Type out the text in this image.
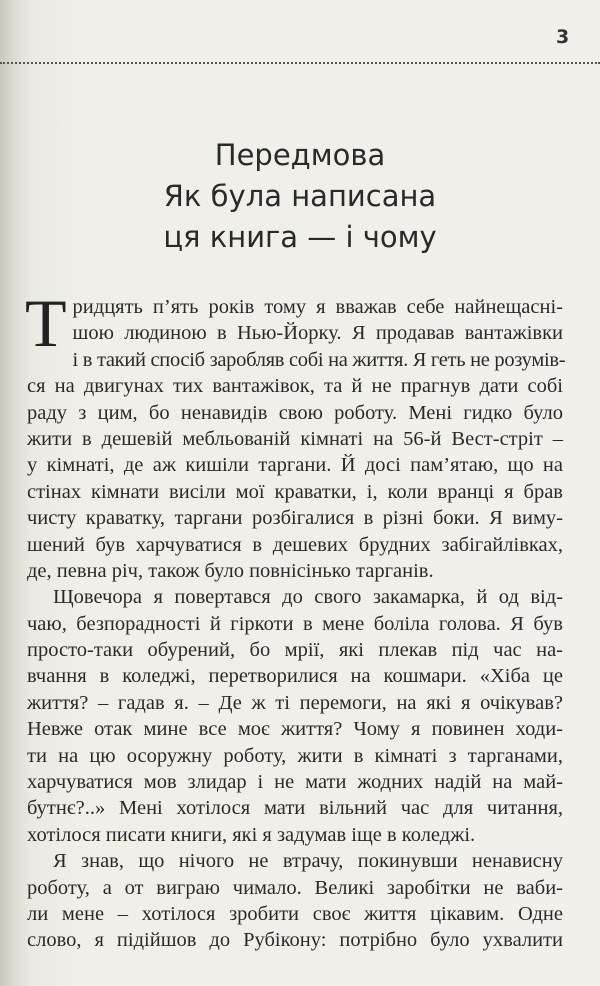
3
Передмова
Як була написана
ця книга — і чому
Т ридцять п’ять років тому я вважав себе найнещасні-
шою людиною в Нью-Йорку. Я продавав вантажівки
і в такий спосіб заробляв собі на життя. Я геть не розумів-
ся на двигунах тих вантажівок, та й не прагнув дати собі
раду з цим, бо ненавидів свою роботу. Мені гидко було
жити в дешевій мебльованій кімнаті на 56-й Вест-стріт –
у кімнаті, де аж кишіли таргани. Й досі пам’ятаю, що на
стінах кімнати висіли мої краватки, і, коли вранці я брав
чисту краватку, таргани розбігалися в різні боки. Я виму-
шений був харчуватися в дешевих брудних забігайлівках,
де, певна річ, також було повнісінько тарганів.
Щовечора я повертався до свого закамарка, й од від-
чаю, безпорадності й гіркоти в мене боліла голова. Я був
просто-таки обурений, бо мрії, які плекав під час на-
вчання в коледжі, перетворилися на кошмари. «Хіба це
життя? – гадав я. – Де ж ті перемоги, на які я очікував?
Невже отак мине все моє життя? Чому я повинен ходи-
ти на цю осоружну роботу, жити в кімнаті з тарганами,
харчуватися мов злидар і не мати жодних надій на май-
бутнє?..» Мені хотілося мати вільний час для читання,
хотілося писати книги, які я задумав іще в коледжі.
Я знав, що нічого не втрачу, покинувши ненависну
роботу, а от виграю чимало. Великі заробітки не ваби-
ли мене – хотілося зробити своє життя цікавим. Одне
слово, я підійшов до Рубікону: потрібно було ухвалити
